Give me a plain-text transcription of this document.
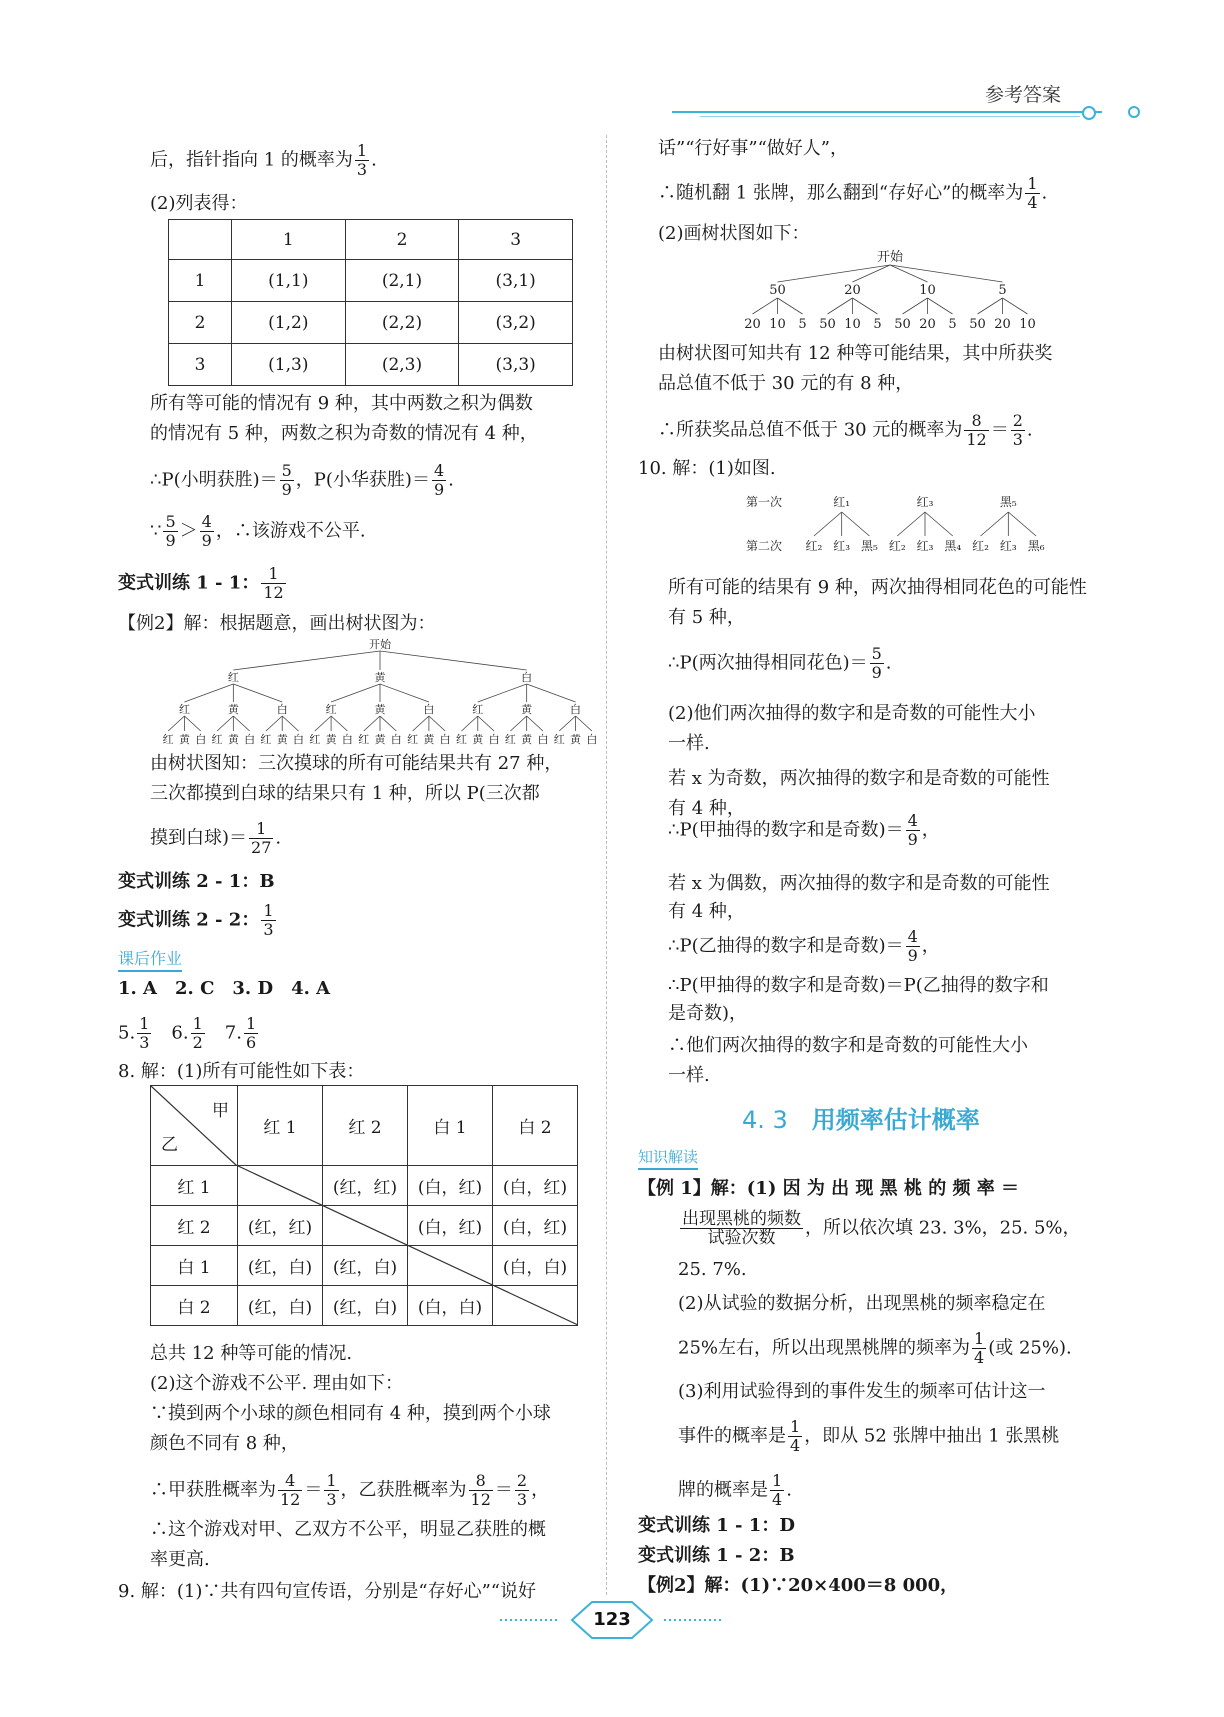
参考答案
后，指针指向 1 的概率为 $\frac{1}{3}$ .
(2)列表得：
	1	2	3
1	(1,1)	(2,1)	(3,1)
2	(1,2)	(2,2)	(3,2)
3	(1,3)	(2,3)	(3,3)
所有等可能的情况有 9 种，其中两数之积为偶数
的情况有 5 种，两数之积为奇数的情况有 4 种，
∴P(小明获胜)＝ $\frac{5}{9}$ ，P(小华获胜)＝ $\frac{4}{9}$ .
∵ $\frac{5}{9} > \frac{4}{9}$ ，∴该游戏不公平.
变式训练 1 - 1： $\frac{1}{12}$
【例2】解：根据题意，画出树状图为：
开始
红	黄	白
红	黄	白	红	黄	白	红	黄	白
红 黄 白 红 黄 白 红 黄 白 红 黄 白 红 黄 白 红 黄 白 红 黄 白 红 黄 白 红 黄 白
由树状图知：三次摸球的所有可能结果共有 27 种，
三次都摸到白球的结果只有 1 种，所以 P(三次都
摸到白球)＝ $\frac{1}{27}$ .
变式训练 2 - 1：B
变式训练 2 - 2： $\frac{1}{3}$
课后作业
1. A　2. C　3. D　4. A
5. $\frac{1}{3}$
　 6. $\frac{1}{2}$
　 7. $\frac{1}{6}$
8. 解：(1)所有可能性如下表：
甲
乙	红 1	红 2	白 1	白 2
红 1		(红，红)	(白，红)	(白，红)
红 2	(红，红)		(白，红)	(白，红)
白 1	(红，白)	(红，白)		(白，白)
白 2	(红，白)	(红，白)	(白，白)	
总共 12 种等可能的情况.
(2)这个游戏不公平. 理由如下：
∵摸到两个小球的颜色相同有 4 种，摸到两个小球
颜色不同有 8 种，
∴甲获胜概率为 $\frac{4}{12} = \frac{1}{3}$ ，乙获胜概率为 $\frac{8}{12} = \frac{2}{3}$ ，
∴这个游戏对甲、乙双方不公平，明显乙获胜的概
率更高.
9. 解：(1)∵共有四句宣传语，分别是“存好心”“说好
话”“行好事”“做好人”，
∴随机翻 1 张牌，那么翻到“存好心”的概率为 $\frac{1}{4}$ .
(2)画树状图如下：
开始
50	20	10	5
20 10 5 50 10 5 50 20 5 50 20 10
由树状图可知共有 12 种等可能结果，其中所获奖
品总值不低于 30 元的有 8 种，
∴所获奖品总值不低于 30 元的概率为 $\frac{8}{12} = \frac{2}{3}$ .
10. 解：(1)如图.
第一次
第二次
红₁	红₃	黑₅
红₂ 红₃ 黑₅ 红₂ 红₃ 黑₄ 红₂ 红₃ 黑₆
所有可能的结果有 9 种，两次抽得相同花色的可能性
有 5 种，
∴P(两次抽得相同花色)＝ $\frac{5}{9}$ .
(2)他们两次抽得的数字和是奇数的可能性大小
一样.
若 x 为奇数，两次抽得的数字和是奇数的可能性
有 4 种，
∴P(甲抽得的数字和是奇数)＝ $\frac{4}{9}$ ，
若 x 为偶数，两次抽得的数字和是奇数的可能性
有 4 种，
∴P(乙抽得的数字和是奇数)＝ $\frac{4}{9}$ ，
∴P(甲抽得的数字和是奇数)＝P(乙抽得的数字和
是奇数)，
∴他们两次抽得的数字和是奇数的可能性大小
一样.
4. 3　 用频率估计概率
知识解读
【例 1】解：(1) 因 为 出 现 黑 桃 的 频 率 ＝
$\frac{\text{出现黑桃的频数}}{\text{试验次数}}$ ，所以依次填 23. 3%，25. 5%，
25. 7%.
(2)从试验的数据分析，出现黑桃的频率稳定在
25%左右，所以出现黑桃牌的频率为 $\frac{1}{4}$ (或 25%).
(3)利用试验得到的事件发生的频率可估计这一
事件的概率是 $\frac{1}{4}$ ，即从 52 张牌中抽出 1 张黑桃
牌的概率是 $\frac{1}{4}$ .
变式训练 1 - 1：D
变式训练 1 - 2：B
【例2】解：(1)∵20×400＝8 000，
123
